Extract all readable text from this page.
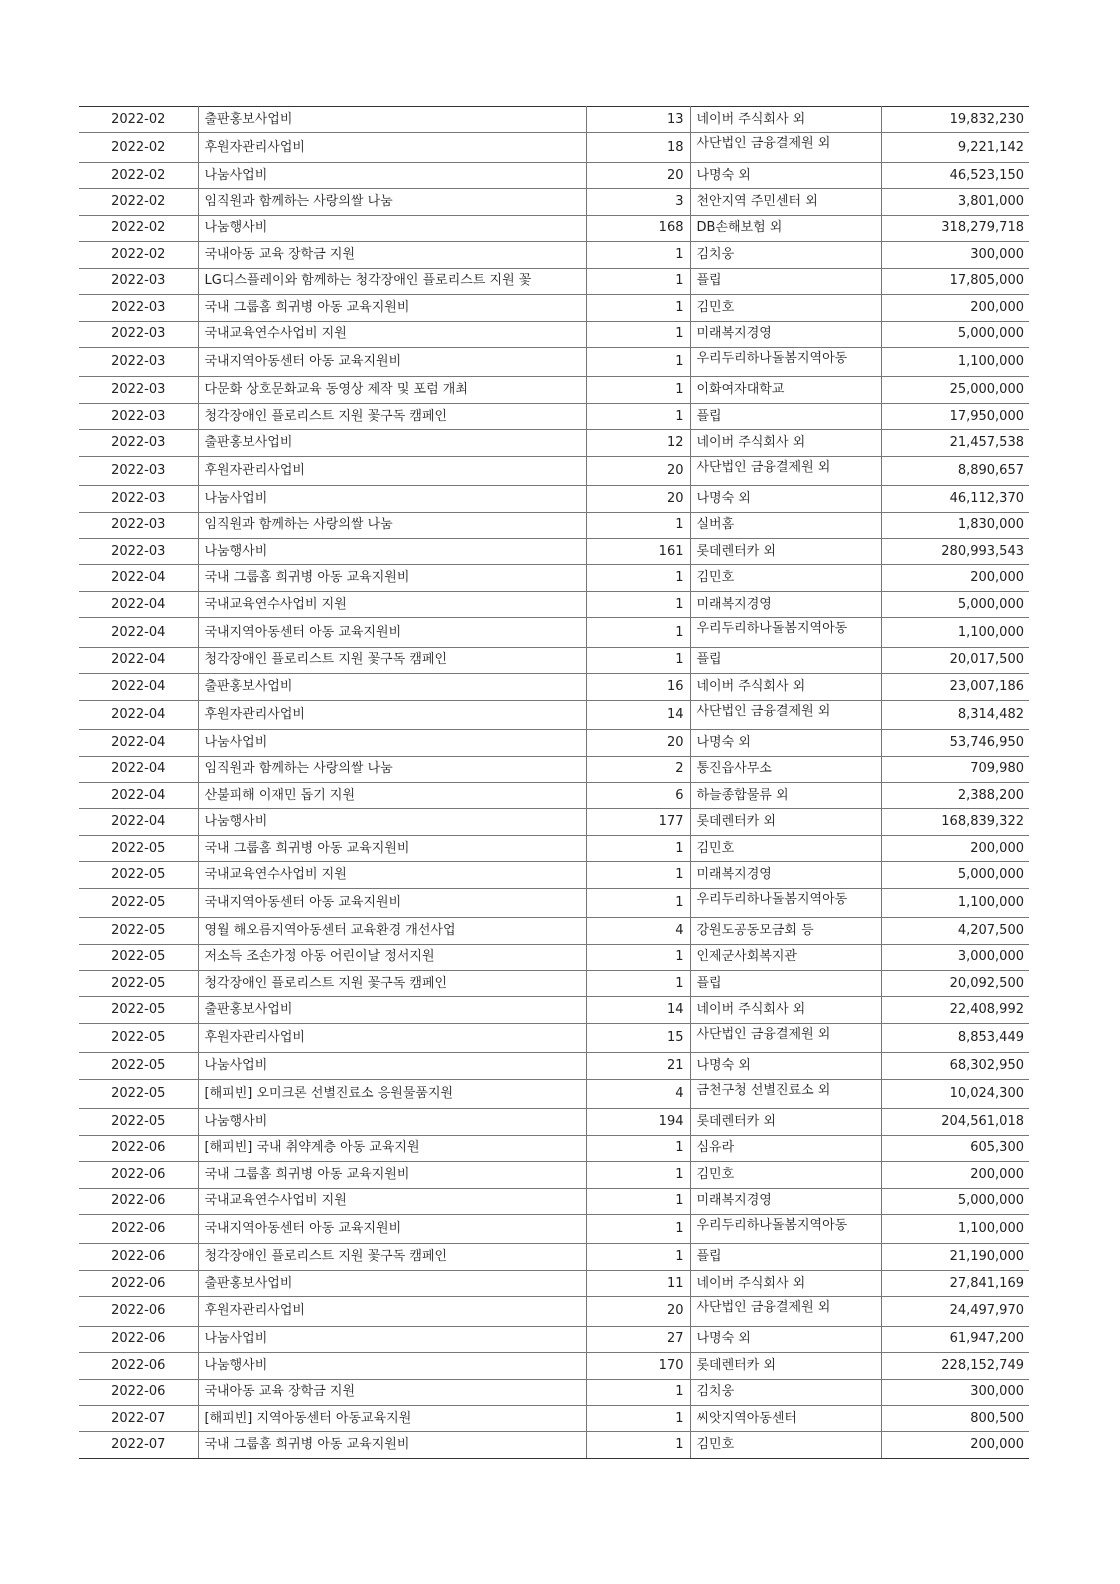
2022-02	출판홍보사업비	13	네이버 주식회사 외	19,832,230
2022-02	후원자관리사업비	18	사단법인 금융결제원 외	9,221,142
2022-02	나눔사업비	20	나명숙 외	46,523,150
2022-02	임직원과 함께하는 사랑의쌀 나눔	3	천안지역 주민센터 외	3,801,000
2022-02	나눔행사비	168	DB손해보험 외	318,279,718
2022-02	국내아동 교육 장학금 지원	1	김치웅	300,000
2022-03	LG디스플레이와 함께하는 청각장애인 플로리스트 지원 꽃	1	플립	17,805,000
2022-03	국내 그룹홈 희귀병 아동 교육지원비	1	김민호	200,000
2022-03	국내교육연수사업비 지원	1	미래복지경영	5,000,000
2022-03	국내지역아동센터 아동 교육지원비	1	우리두리하나돌봄지역아동	1,100,000
2022-03	다문화 상호문화교육 동영상 제작 및 포럼 개최	1	이화여자대학교	25,000,000
2022-03	청각장애인 플로리스트 지원 꽃구독 캠페인	1	플립	17,950,000
2022-03	출판홍보사업비	12	네이버 주식회사 외	21,457,538
2022-03	후원자관리사업비	20	사단법인 금융결제원 외	8,890,657
2022-03	나눔사업비	20	나명숙 외	46,112,370
2022-03	임직원과 함께하는 사랑의쌀 나눔	1	실버홈	1,830,000
2022-03	나눔행사비	161	롯데렌터카 외	280,993,543
2022-04	국내 그룹홈 희귀병 아동 교육지원비	1	김민호	200,000
2022-04	국내교육연수사업비 지원	1	미래복지경영	5,000,000
2022-04	국내지역아동센터 아동 교육지원비	1	우리두리하나돌봄지역아동	1,100,000
2022-04	청각장애인 플로리스트 지원 꽃구독 캠페인	1	플립	20,017,500
2022-04	출판홍보사업비	16	네이버 주식회사 외	23,007,186
2022-04	후원자관리사업비	14	사단법인 금융결제원 외	8,314,482
2022-04	나눔사업비	20	나명숙 외	53,746,950
2022-04	임직원과 함께하는 사랑의쌀 나눔	2	통진읍사무소	709,980
2022-04	산불피해 이재민 돕기 지원	6	하늘종합물류 외	2,388,200
2022-04	나눔행사비	177	롯데렌터카 외	168,839,322
2022-05	국내 그룹홈 희귀병 아동 교육지원비	1	김민호	200,000
2022-05	국내교육연수사업비 지원	1	미래복지경영	5,000,000
2022-05	국내지역아동센터 아동 교육지원비	1	우리두리하나돌봄지역아동	1,100,000
2022-05	영월 해오름지역아동센터 교육환경 개선사업	4	강원도공동모금회 등	4,207,500
2022-05	저소득 조손가정 아동 어린이날 정서지원	1	인제군사회복지관	3,000,000
2022-05	청각장애인 플로리스트 지원 꽃구독 캠페인	1	플립	20,092,500
2022-05	출판홍보사업비	14	네이버 주식회사 외	22,408,992
2022-05	후원자관리사업비	15	사단법인 금융결제원 외	8,853,449
2022-05	나눔사업비	21	나명숙 외	68,302,950
2022-05	[해피빈] 오미크론 선별진료소 응원물품지원	4	금천구청 선별진료소 외	10,024,300
2022-05	나눔행사비	194	롯데렌터카 외	204,561,018
2022-06	[해피빈] 국내 취약계층 아동 교육지원	1	심유라	605,300
2022-06	국내 그룹홈 희귀병 아동 교육지원비	1	김민호	200,000
2022-06	국내교육연수사업비 지원	1	미래복지경영	5,000,000
2022-06	국내지역아동센터 아동 교육지원비	1	우리두리하나돌봄지역아동	1,100,000
2022-06	청각장애인 플로리스트 지원 꽃구독 캠페인	1	플립	21,190,000
2022-06	출판홍보사업비	11	네이버 주식회사 외	27,841,169
2022-06	후원자관리사업비	20	사단법인 금융결제원 외	24,497,970
2022-06	나눔사업비	27	나명숙 외	61,947,200
2022-06	나눔행사비	170	롯데렌터카 외	228,152,749
2022-06	국내아동 교육 장학금 지원	1	김치웅	300,000
2022-07	[해피빈] 지역아동센터 아동교육지원	1	씨앗지역아동센터	800,500
2022-07	국내 그룹홈 희귀병 아동 교육지원비	1	김민호	200,000
